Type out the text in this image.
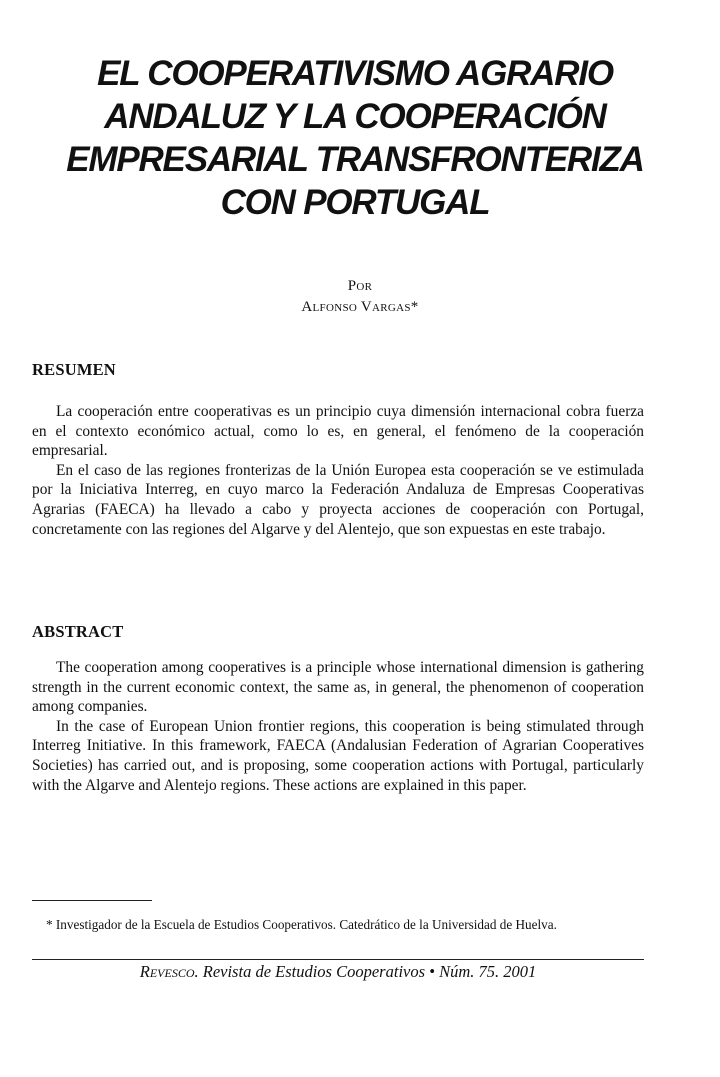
EL COOPERATIVISMO AGRARIO
ANDALUZ Y LA COOPERACIÓN
EMPRESARIAL TRANSFRONTERIZA
CON PORTUGAL
Por
Alfonso Vargas*
RESUMEN

La cooperación entre cooperativas es un principio cuya dimensión internacional cobra fuerza en el contexto económico actual, como lo es, en general, el fenómeno de la cooperación empresarial.

En el caso de las regiones fronterizas de la Unión Europea esta cooperación se ve estimulada por la Iniciativa Interreg, en cuyo marco la Federación Andaluza de Empresas Cooperativas Agrarias (FAECA) ha llevado a cabo y proyecta acciones de cooperación con Portugal, concretamente con las regiones del Algarve y del Alentejo, que son expuestas en este trabajo.

ABSTRACT

The cooperation among cooperatives is a principle whose international dimension is gathering strength in the current economic context, the same as, in general, the phenomenon of cooperation among companies.

In the case of European Union frontier regions, this cooperation is being stimulated through Interreg Initiative. In this framework, FAECA (Andalusian Federation of Agrarian Cooperatives Societies) has carried out, and is proposing, some cooperation actions with Portugal, particularly with the Algarve and Alentejo regions. These actions are explained in this paper.

* Investigador de la Escuela de Estudios Cooperativos. Catedrático de la Universidad de Huelva.
Revesco. Revista de Estudios Cooperativos • Núm. 75. 2001
